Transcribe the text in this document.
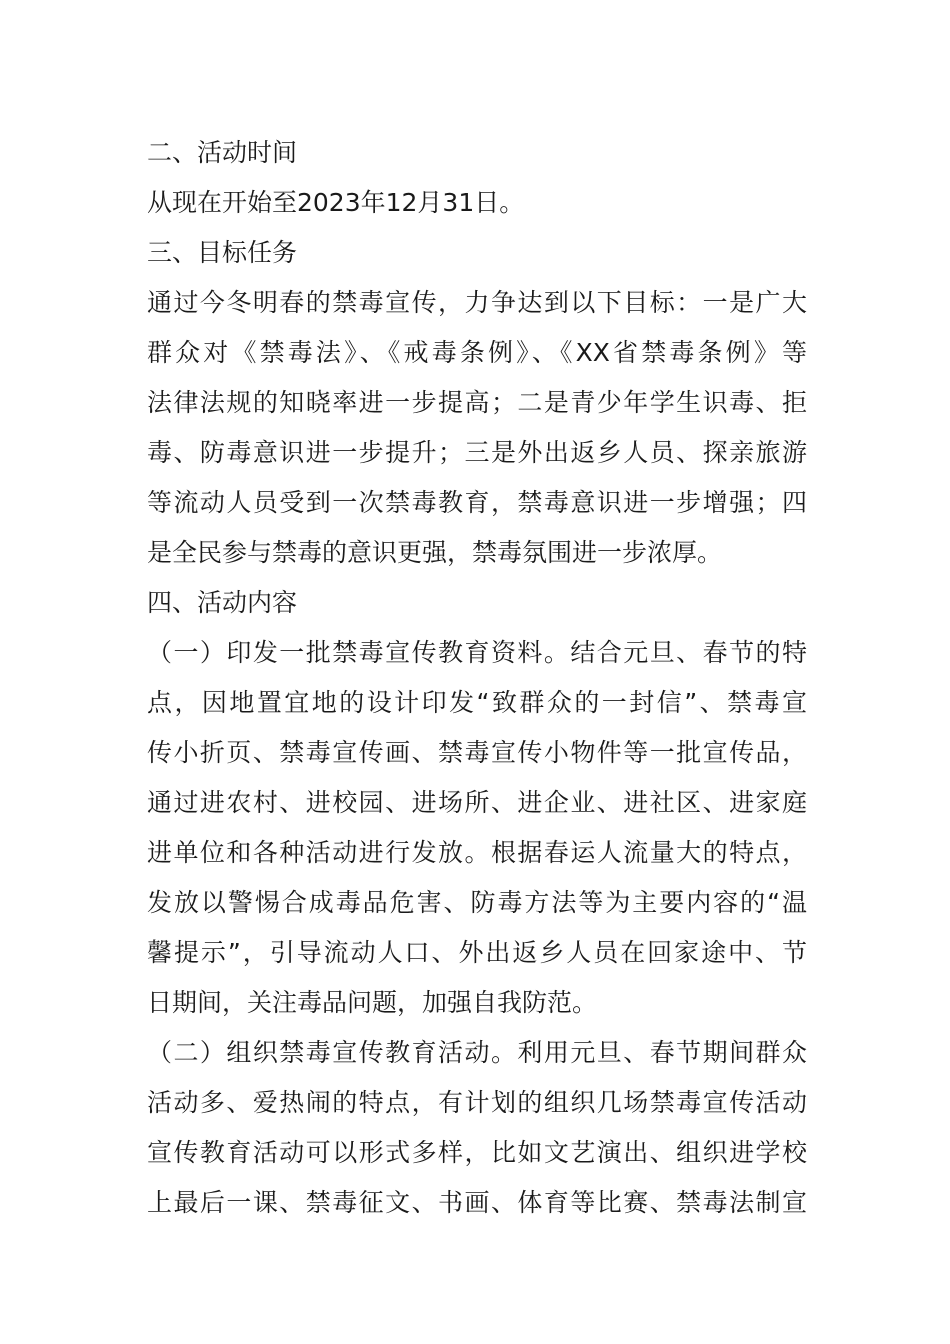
二、活动时间
从现在开始至2023年12月31日。
三、目标任务
通过今冬明春的禁毒宣传，力争达到以下目标：一是广大
群众对《禁毒法》、《戒毒条例》、《XX省禁毒条例》等
法律法规的知晓率进一步提高；二是青少年学生识毒、拒
毒、防毒意识进一步提升；三是外出返乡人员、探亲旅游
等流动人员受到一次禁毒教育，禁毒意识进一步增强；四
是全民参与禁毒的意识更强，禁毒氛围进一步浓厚。
四、活动内容
（一）印发一批禁毒宣传教育资料。结合元旦、春节的特
点，因地置宜地的设计印发“致群众的一封信”、禁毒宣
传小折页、禁毒宣传画、禁毒宣传小物件等一批宣传品，
通过进农村、进校园、进场所、进企业、进社区、进家庭
进单位和各种活动进行发放。根据春运人流量大的特点，
发放以警惕合成毒品危害、防毒方法等为主要内容的“温
馨提示”，引导流动人口、外出返乡人员在回家途中、节
日期间，关注毒品问题，加强自我防范。
（二）组织禁毒宣传教育活动。利用元旦、春节期间群众
活动多、爱热闹的特点，有计划的组织几场禁毒宣传活动
宣传教育活动可以形式多样，比如文艺演出、组织进学校
上最后一课、禁毒征文、书画、体育等比赛、禁毒法制宣
